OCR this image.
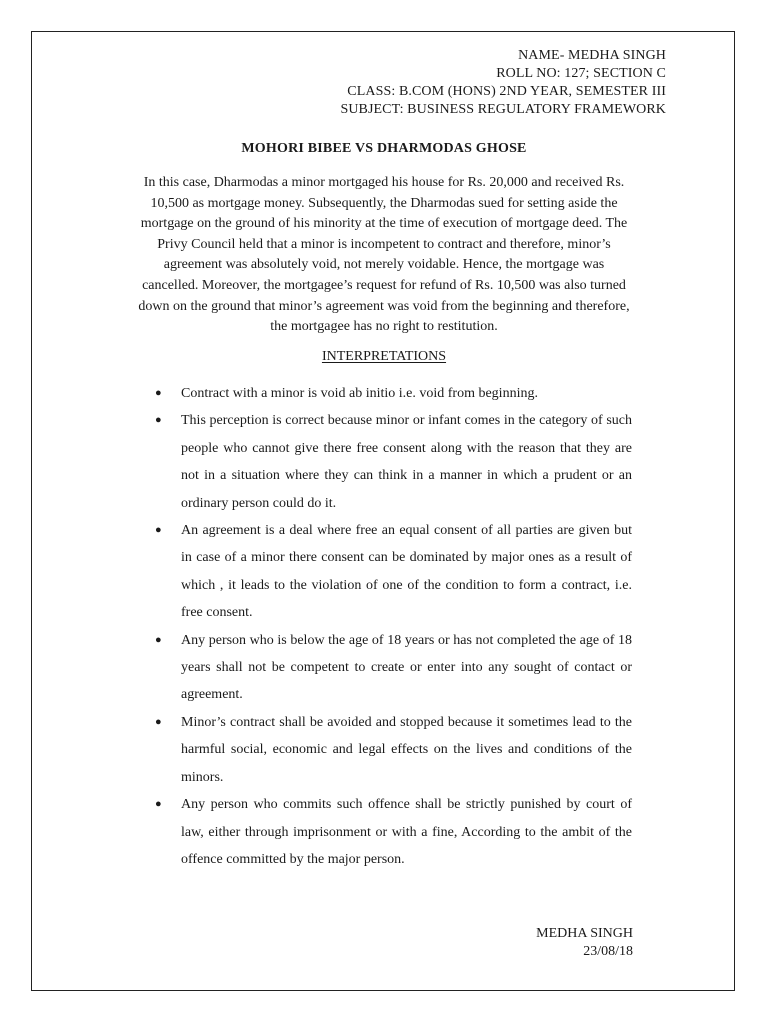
NAME- MEDHA SINGH
ROLL NO: 127; SECTION C
CLASS: B.COM (HONS) 2ND YEAR, SEMESTER III
SUBJECT: BUSINESS REGULATORY FRAMEWORK
MOHORI BIBEE VS DHARMODAS GHOSE
In this case, Dharmodas a minor mortgaged his house for Rs. 20,000 and received Rs. 10,500 as mortgage money. Subsequently, the Dharmodas sued for setting aside the mortgage on the ground of his minority at the time of execution of mortgage deed. The Privy Council held that a minor is incompetent to contract and therefore, minor’s agreement was absolutely void, not merely voidable. Hence, the mortgage was cancelled. Moreover, the mortgagee’s request for refund of Rs. 10,500 was also turned down on the ground that minor’s agreement was void from the beginning and therefore, the mortgagee has no right to restitution.
INTERPRETATIONS
● Contract with a minor is void ab initio i.e. void from beginning.
● This perception is correct because minor or infant comes in the category of such people who cannot give there free consent along with the reason that they are not in a situation where they can think in a manner in which a prudent or an ordinary person could do it.
● An agreement is a deal where free an equal consent of all parties are given but in case of a minor there consent can be dominated by major ones as a result of which , it leads to the violation of one of the condition to form a contract, i.e. free consent.
● Any person who is below the age of 18 years or has not completed the age of 18 years shall not be competent to create or enter into any sought of contact or agreement.
● Minor’s contract shall be avoided and stopped because it sometimes lead to the harmful social, economic and legal effects on the lives and conditions of the minors.
● Any person who commits such offence shall be strictly punished by court of law, either through imprisonment or with a fine, According to the ambit of the offence committed by the major person.
MEDHA SINGH
23/08/18
